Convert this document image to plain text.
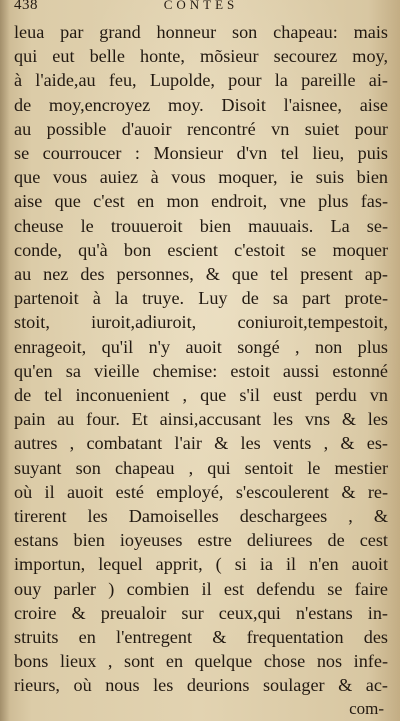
438	CONTES
leua par grand honneur son chapeau: mais
qui eut belle honte, mõsieur secourez moy,
à l'aide,au feu, Lupolde, pour la pareille ai-
de moy,encroyez moy. Disoit l'aisnee, aise
au possible d'auoir rencontré vn suiet pour
se courroucer : Monsieur d'vn tel lieu, puis
que vous auiez à vous moquer, ie suis bien
aise que c'est en mon endroit, vne plus fas-
cheuse le trouueroit bien mauuais. La se-
conde, qu'à bon escient c'estoit se moquer
au nez des personnes, & que tel present ap-
partenoit à la truye. Luy de sa part prote-
stoit, iuroit,adiuroit, coniuroit,tempestoit,
enrageoit, qu'il n'y auoit songé , non plus
qu'en sa vieille chemise: estoit aussi estonné
de tel inconuenient , que s'il eust perdu vn
pain au four. Et ainsi,accusant les vns & les
autres , combatant l'air & les vents , & es-
suyant son chapeau , qui sentoit le mestier
où il auoit esté employé, s'escoulerent & re-
tirerent les Damoiselles deschargees , &
estans bien ioyeuses estre deliurees de cest
importun, lequel apprit, ( si ia il n'en auoit
ouy parler ) combien il est defendu se faire
croire & preualoir sur ceux,qui n'estans in-
struits en l'entregent & frequentation des
bons lieux , sont en quelque chose nos infe-
rieurs, où nous les deurions soulager & ac-
com-
